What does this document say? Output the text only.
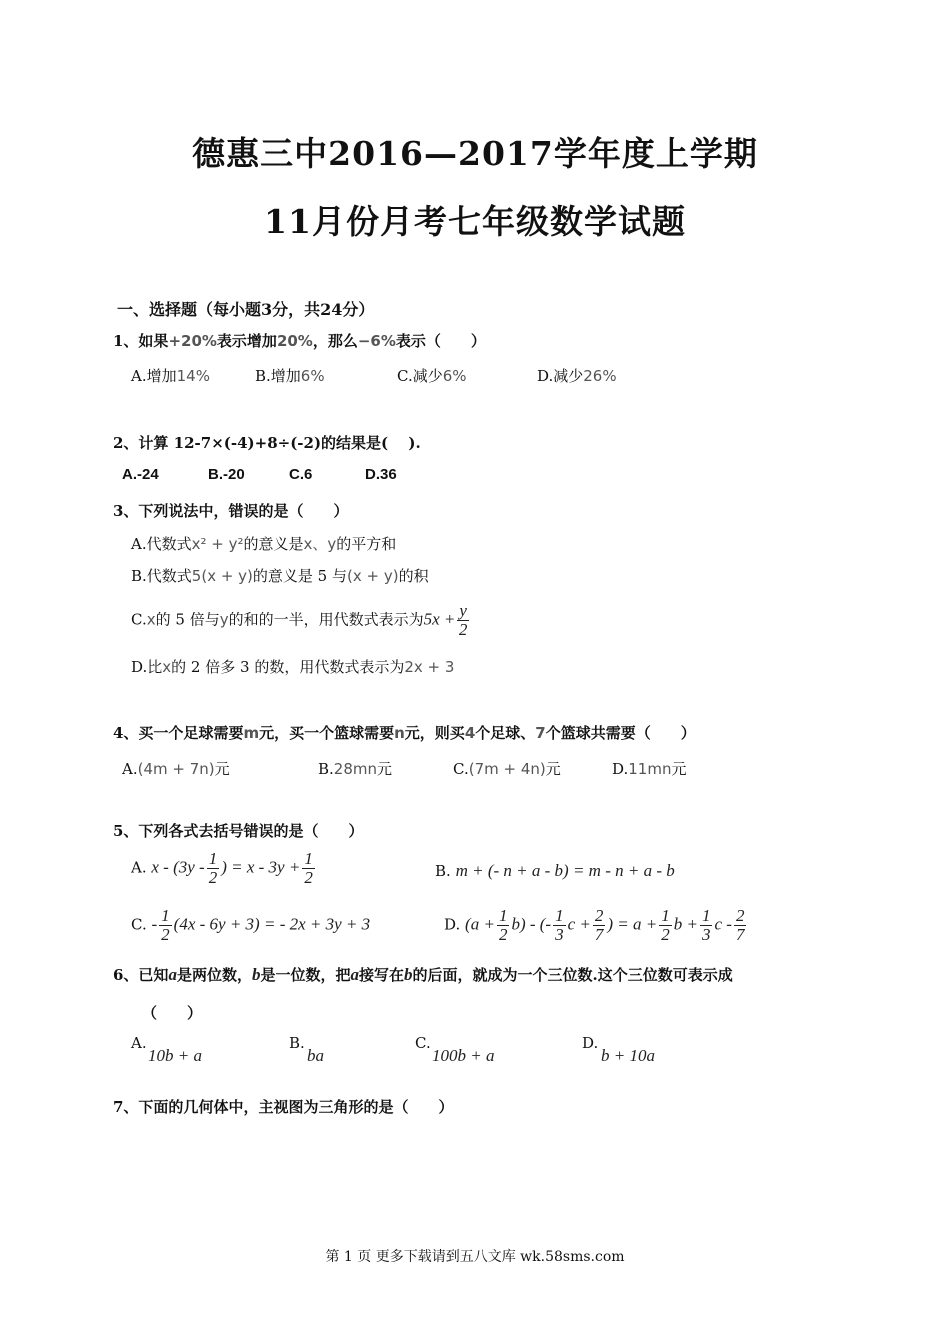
德惠三中2016—2017学年度上学期
11月份月考七年级数学试题
一、选择题（每小题3分，共24分）
1、如果+20%表示增加20%，那么−6%表示（　　）
A.增加14%	B.增加6%	C.减少6%	D.减少26%
2、计算 12-7×(-4)+8÷(-2)的结果是(　 ).
A.-24	B.-20	C.6	D.36
3、下列说法中，错误的是（　　）
A.代数式x² + y²的意义是x、y的平方和
B.代数式5(x + y)的意义是 5 与(x + y)的积
C.x的 5 倍与y的和的一半，用代数式表示为$5x + \frac{y}{2}$
D.比x的 2 倍多 3 的数，用代数式表示为2x + 3
4、买一个足球需要m元，买一个篮球需要n元，则买4个足球、7个篮球共需要（　　）
A.(4m + 7n)元	B.28mn元	C.(7m + 4n)元	D.11mn元
5、下列各式去括号错误的是（　　）
A. x - ($3y - \frac{1}{2}$ ) = $x - 3y + \frac{1}{2}$	B. m + (- n + a - b) = m - n + a - b
C. - $\frac{1}{2} (4x - 6y + 3)$ = - 2x + 3y + 3	D. $(a + \frac{1}{2} b)$ - (- $\frac{1}{3}$ $c + \frac{2}{7}$ ) = $a + \frac{1}{2}$ $b + \frac{1}{3}$ c - $\frac{2}{7}$
6、已知a是两位数，b是一位数，把a接写在b的后面，就成为一个三位数.这个三位数可表示成
（　　）
A.
10b + a
B.
ba
C.
100b + a
D.
b + 10a
7、下面的几何体中，主视图为三角形的是（　　）
第 1 页 更多下载请到五八文库 wk.58sms.com
